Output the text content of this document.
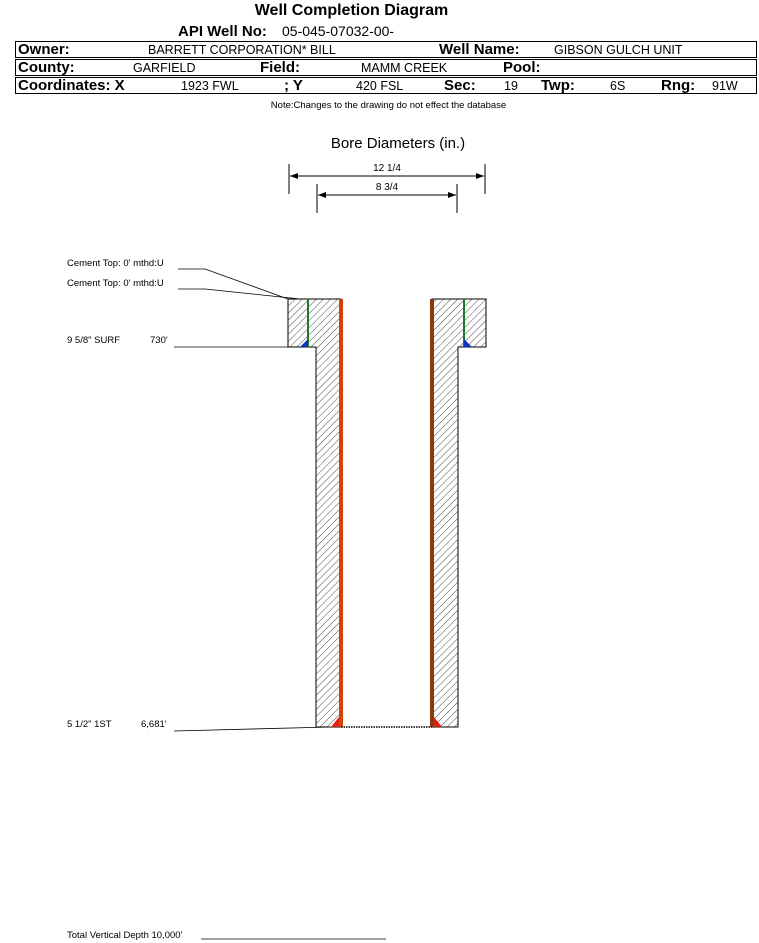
Well Completion Diagram
API Well No: 05-045-07032-00-
Owner:	BARRETT CORPORATION* BILL	Well Name:	GIBSON GULCH UNIT
County:	GARFIELD	Field:	MAMM CREEK	Pool:
Coordinates: X	1923 FWL	; Y	420 FSL	Sec: 19 Twp:	6S Rng: 91W
Note:Changes to the drawing do not effect the database
Bore Diameters (in.)
12 1/4
8 3/4
Cement Top: 0' mthd:U
Cement Top: 0' mthd:U
9 5/8" SURF	730'
5 1/2" 1ST	6,681'
Total Vertical Depth 10,000'
